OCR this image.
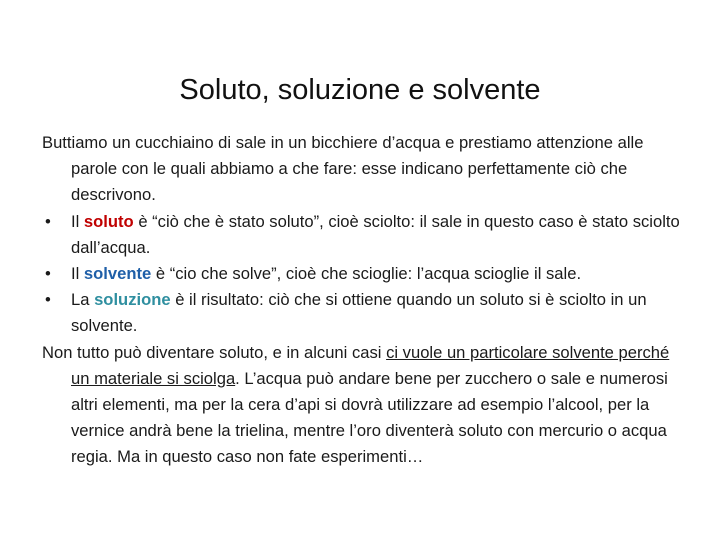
Soluto, soluzione e solvente

Buttiamo un cucchiaino di sale in un bicchiere d’acqua e prestiamo attenzione alle parole con le quali abbiamo a che fare: esse indicano perfettamente ciò che descrivono.

•	Il soluto è “ciò che è stato soluto”, cioè sciolto: il sale in questo caso è stato sciolto dall’acqua.

•	Il solvente è “cio che solve”, cioè che scioglie: l’acqua scioglie il sale.

•	La soluzione è il risultato: ciò che si ottiene quando un soluto si è sciolto in un solvente.

Non tutto può diventare soluto, e in alcuni casi ci vuole un particolare solvente perché un materiale si sciolga. L’acqua può andare bene per zucchero o sale e numerosi altri elementi, ma per la cera d’api si dovrà utilizzare ad esempio l’alcool, per la vernice andrà bene la trielina, mentre l’oro diventerà soluto con mercurio o acqua regia. Ma in questo caso non fate esperimenti…
